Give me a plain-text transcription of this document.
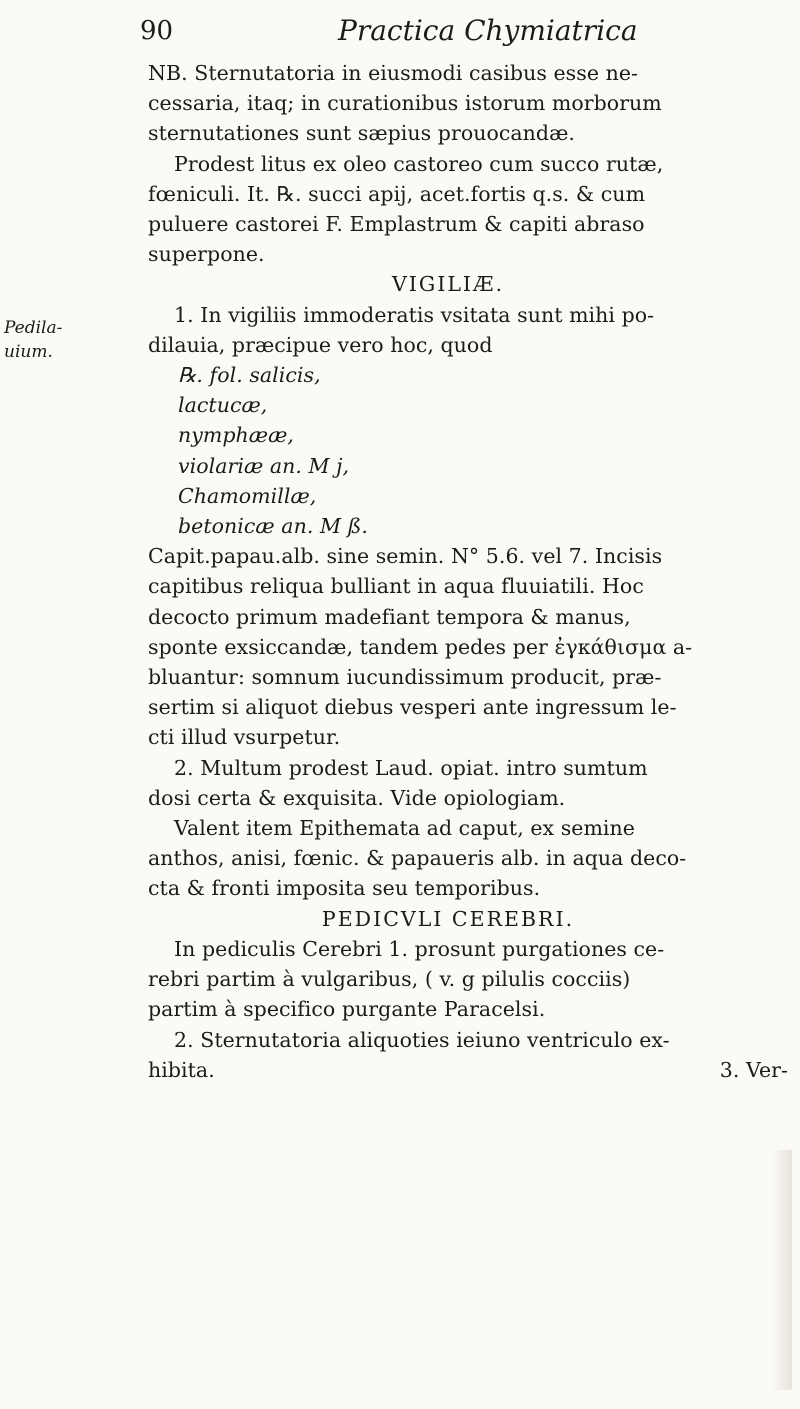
90	Practica Chymiatrica
Pedila-
uium.
NB. Sternutatoria in eiusmodi casibus esse ne-
cessaria, itaq; in curationibus istorum morborum
sternutationes sunt sæpius prouocandæ.
Prodest litus ex oleo castoreo cum succo rutæ,
fœniculi. It. ℞. succi apij, acet.fortis q.s. & cum
puluere castorei F. Emplastrum & capiti abraso
superpone.
VIGILIÆ.
1. In vigiliis immoderatis vsitata sunt mihi po-
dilauia, præcipue vero hoc, quod
℞. fol. salicis,
lactucæ,
nymphææ,
violariæ an. M j,
Chamomillæ,
betonicæ an. M ß.
Capit.papau.alb. sine semin. N° 5.6. vel 7. Incisis
capitibus reliqua bulliant in aqua fluuiatili. Hoc
decocto primum madefiant tempora & manus,
sponte exsiccandæ, tandem pedes per ἐγκάθισμα a-
bluantur: somnum iucundissimum producit, præ-
sertim si aliquot diebus vesperi ante ingressum le-
cti illud vsurpetur.
2. Multum prodest Laud. opiat. intro sumtum
dosi certa & exquisita. Vide opiologiam.
Valent item Epithemata ad caput, ex semine
anthos, anisi, fœnic. & papaueris alb. in aqua deco-
cta & fronti imposita seu temporibus.
PEDICVLI CEREBRI.
In pediculis Cerebri 1. prosunt purgationes ce-
rebri partim à vulgaribus, ( v. g pilulis cocciis)
partim à specifico purgante Paracelsi.
2. Sternutatoria aliquoties ieiuno ventriculo ex-
hibita.	3. Ver-
